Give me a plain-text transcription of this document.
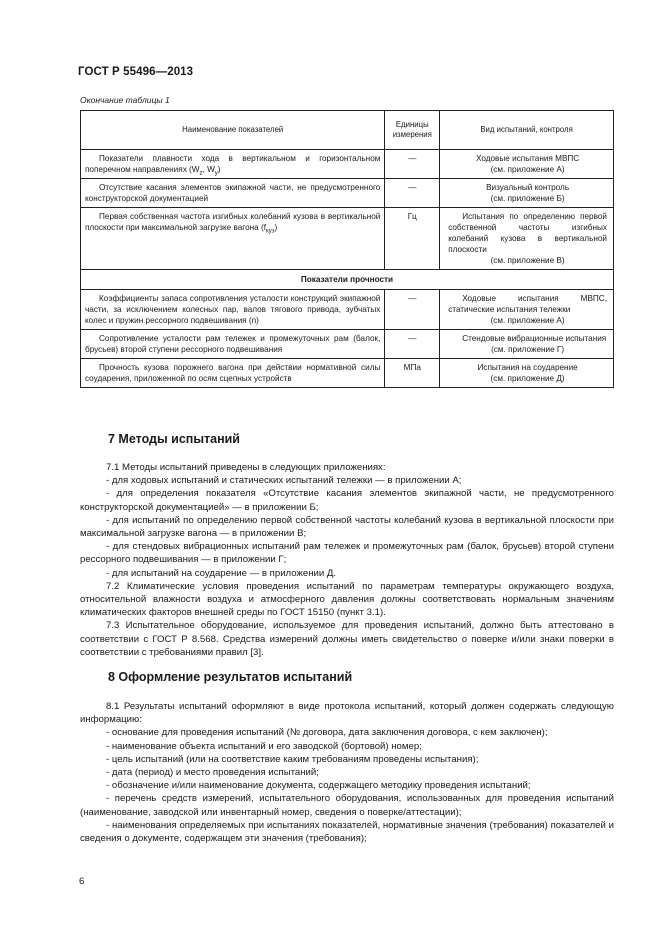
ГОСТ Р 55496—2013
Окончание таблицы 1
Наименование показателей	Единицы измерения	Вид испытаний, контроля
Показатели плавности хода в вертикальном и горизонтальном поперечном направлениях ($W_z$, $W_y$)	—	Ходовые испытания МВПС
(см. приложение А)

Отсутствие касания элементов экипажной части, не предусмотренного конструкторской документацией	—	Визуальный контроль
(см. приложение Б)

Первая собственная частота изгибных колебаний кузова в вертикальной плоскости при максимальной загрузке вагона $(f_{куз})$	Гц	Испытания по определению первой собственной частоты изгибных колебаний кузова в вертикальной плоскости
(см. приложение В)

Показатели прочности		
Коэффициенты запаса сопротивления усталости конструкций экипажной части, за исключением колесных пар, валов тягового привода, зубчатых колес и пружин рессорного подвешивания (n)	—	Ходовые испытания МВПС, статические испытания тележки
(см. приложение А)

Сопротивление усталости рам тележек и промежуточных рам (балок, брусьев) второй ступени рессорного подвешивания	—	Стендовые вибрационные испытания
(см. приложение Г)

Прочность кузова порожнего вагона при действии нормативной силы соударения, приложенной по осям сцепных устройств	МПа	Испытания на соударение
(см. приложение Д)
7 Методы испытаний

7.1 Методы испытаний приведены в следующих приложениях:

- для ходовых испытаний и статических испытаний тележки — в приложении А;

- для определения показателя «Отсутствие касания элементов экипажной части, не предусмотренного конструкторской документацией» — в приложении Б;

- для испытаний по определению первой собственной частоты колебаний кузова в вертикальной плоскости при максимальной загрузке вагона — в приложении В;

- для стендовых вибрационных испытаний рам тележек и промежуточных рам (балок, брусьев) второй ступени рессорного подвешивания — в приложении Г;

- для испытаний на соударение — в приложении Д.

7.2 Климатические условия проведения испытаний по параметрам температуры окружающего воздуха, относительной влажности воздуха и атмосферного давления должны соответствовать нормальным значениям климатических факторов внешней среды по ГОСТ 15150 (пункт 3.1).

7.3 Испытательное оборудование, используемое для проведения испытаний, должно быть аттестовано в соответствии с ГОСТ Р 8.568. Средства измерений должны иметь свидетельство о поверке и/или знаки поверки в соответствии с требованиями правил [3].

8 Оформление результатов испытаний

8.1 Результаты испытаний оформляют в виде протокола испытаний, который должен содержать следующую информацию:

- основание для проведения испытаний (№ договора, дата заключения договора, с кем заключен);

- наименование объекта испытаний и его заводской (бортовой) номер;

- цель испытаний (или на соответствие каким требованиям проведены испытания);

- дата (период) и место проведения испытаний;

- обозначение и/или наименование документа, содержащего методику проведения испытаний;

- перечень средств измерений, испытательного оборудования, использованных для проведения испытаний (наименование, заводской или инвентарный номер, сведения о поверке/аттестации);

- наименования определяемых при испытаниях показателей, нормативные значения (требования) показателей и сведения о документе, содержащем эти значения (требования);

6
